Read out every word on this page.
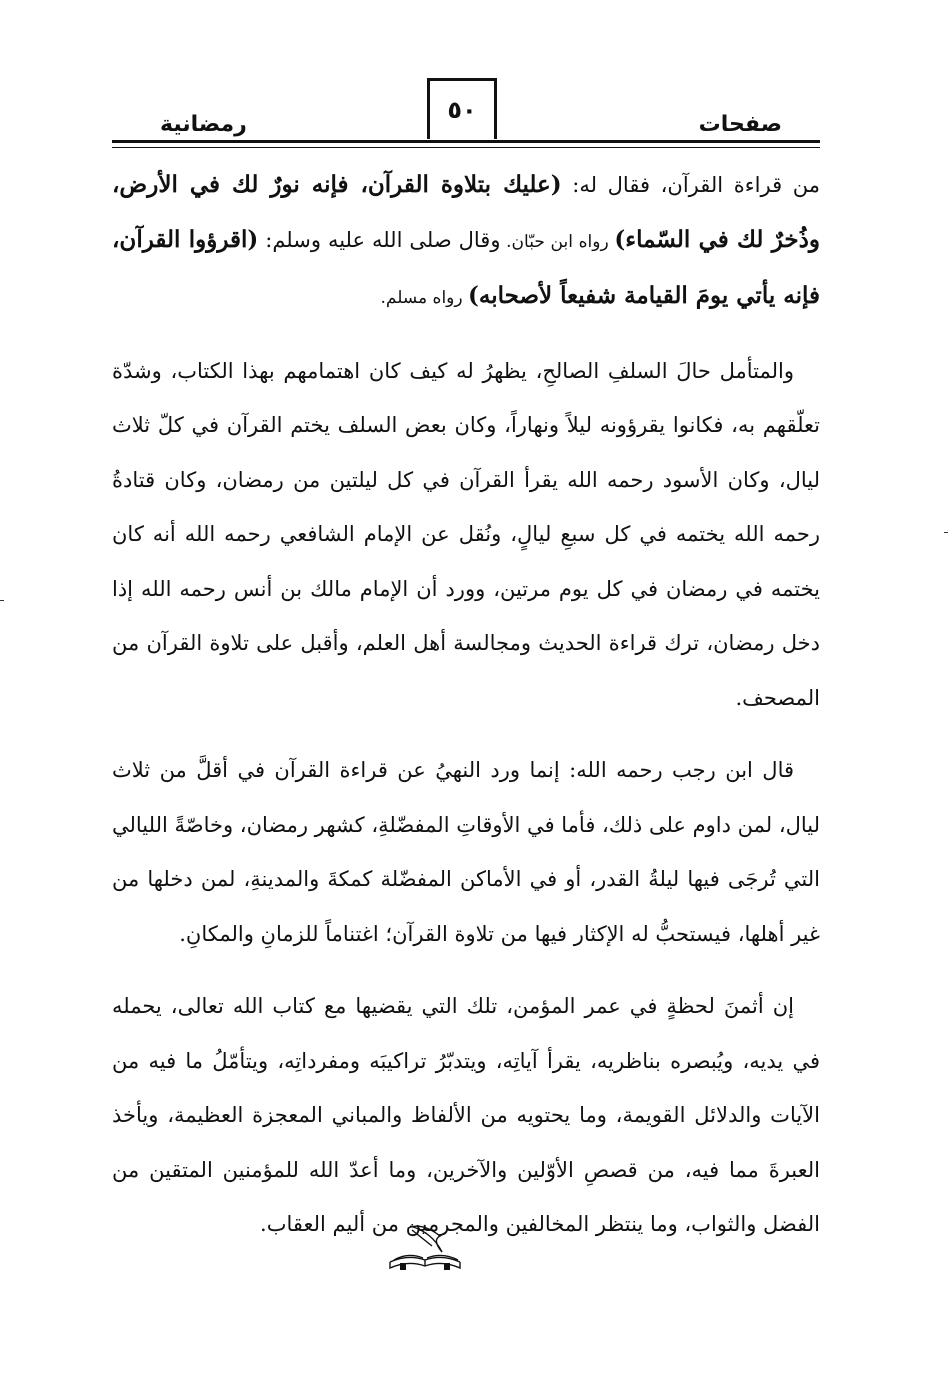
صفحات
٥٠
رمضانية

من قراءة القرآن، فقال له: (عليك بتلاوة القرآن، فإنه نورٌ لك في الأرض، وذُخرٌ لك في السّماء) رواه ابن حبّان. وقال صلى الله عليه وسلم: (اقرؤوا القرآن، فإنه يأتي يومَ القيامة شفيعاً لأصحابه) رواه مسلم.

والمتأمل حالَ السلفِ الصالحِ، يظهرُ له كيف كان اهتمامهم بهذا الكتاب، وشدّة تعلّقهم به، فكانوا يقرؤونه ليلاً ونهاراً، وكان بعض السلف يختم القرآن في كلّ ثلاث ليال، وكان الأسود رحمه الله يقرأ القرآن في كل ليلتين من رمضان، وكان قتادةُ رحمه الله يختمه في كل سبعِ ليالٍ، ونُقل عن الإمام الشافعي رحمه الله أنه كان يختمه في رمضان في كل يوم مرتين، وورد أن الإمام مالك بن أنس رحمه الله إذا دخل رمضان، ترك قراءة الحديث ومجالسة أهل العلم، وأقبل على تلاوة القرآن من المصحف.

قال ابن رجب رحمه الله: إنما ورد النهيُ عن قراءة القرآن في أقلَّ من ثلاث ليال، لمن داوم على ذلك، فأما في الأوقاتِ المفضّلةِ، كشهر رمضان، وخاصّةً الليالي التي تُرجَى فيها ليلةُ القدر، أو في الأماكن المفضّلة كمكةَ والمدينةِ، لمن دخلها من غير أهلها، فيستحبُّ له الإكثار فيها من تلاوة القرآن؛ اغتناماً للزمانِ والمكانِ.

إن أثمنَ لحظةٍ في عمر المؤمن، تلك التي يقضيها مع كتاب الله تعالى، يحمله في يديه، ويُبصره بناظريه، يقرأ آياتِه، ويتدبّرُ تراكيبَه ومفرداتِه، ويتأمّلُ ما فيه من الآيات والدلائل القويمة، وما يحتويه من الألفاظ والمباني المعجزة العظيمة، ويأخذ العبرةَ مما فيه، من قصصِ الأوّلين والآخرين، وما أعدّ الله للمؤمنين المتقين من الفضل والثواب، وما ينتظر المخالفين والمجرمين من أليم العقاب.
